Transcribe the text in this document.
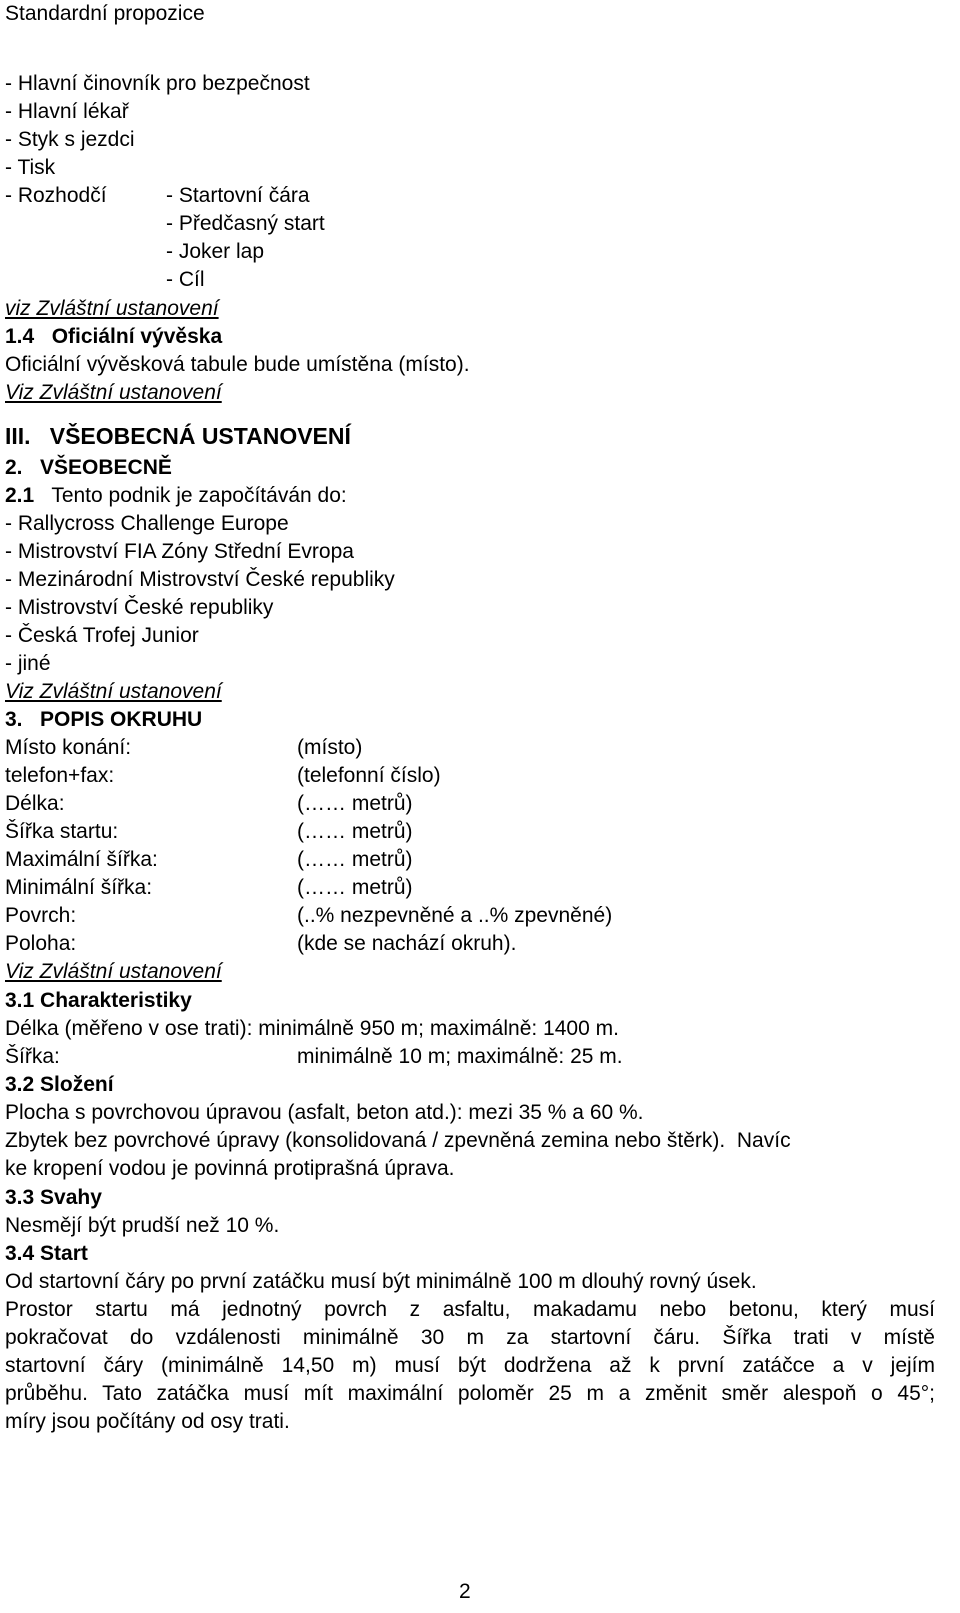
Standardní propozice
- Hlavní činovník pro bezpečnost
- Hlavní lékař
- Styk s jezdci
- Tisk
- Rozhodčí	- Startovní čára
- Předčasný start
- Joker lap
- Cíl
viz Zvláštní ustanovení
1.4   Oficiální vývěska
Oficiální vývěsková tabule bude umístěna (místo).
Viz Zvláštní ustanovení
III.   VŠEOBECNÁ USTANOVENÍ
2.   VŠEOBECNĚ
2.1 Tento podnik je započítáván do:
- Rallycross Challenge Europe
- Mistrovství FIA Zóny Střední Evropa
- Mezinárodní Mistrovství České republiky
- Mistrovství České republiky
- Česká Trofej Junior
- jiné
Viz Zvláštní ustanovení
3.   POPIS OKRUHU
Místo konání:	(místo)
telefon+fax:	(telefonní číslo)
Délka:	(…… metrů)
Šířka startu:	(…… metrů)
Maximální šířka:	(…… metrů)
Minimální šířka:	(…… metrů)
Povrch:	(..% nezpevněné a ..% zpevněné)
Poloha:	(kde se nachází okruh).
Viz Zvláštní ustanovení
3.1 Charakteristiky
Délka (měřeno v ose trati): minimálně 950 m; maximálně: 1400 m.
Šířka:	minimálně 10 m; maximálně: 25 m.
3.2 Složení
Plocha s povrchovou úpravou (asfalt, beton atd.): mezi 35 % a 60 %.
Zbytek bez povrchové úpravy (konsolidovaná / zpevněná zemina nebo štěrk).  Navíc
ke kropení vodou je povinná protiprašná úprava.
3.3 Svahy
Nesmějí být prudší než 10 %.
3.4 Start
Od startovní čáry po první zatáčku musí být minimálně 100 m dlouhý rovný úsek.
Prostor startu má jednotný povrch z asfaltu, makadamu nebo betonu, který musí
pokračovat do vzdálenosti minimálně 30 m za startovní čáru. Šířka trati v místě
startovní čáry (minimálně 14,50 m) musí být dodržena až k první zatáčce a v jejím
průběhu. Tato zatáčka musí mít maximální poloměr 25 m a změnit směr alespoň o 45°;
míry jsou počítány od osy trati.
2
